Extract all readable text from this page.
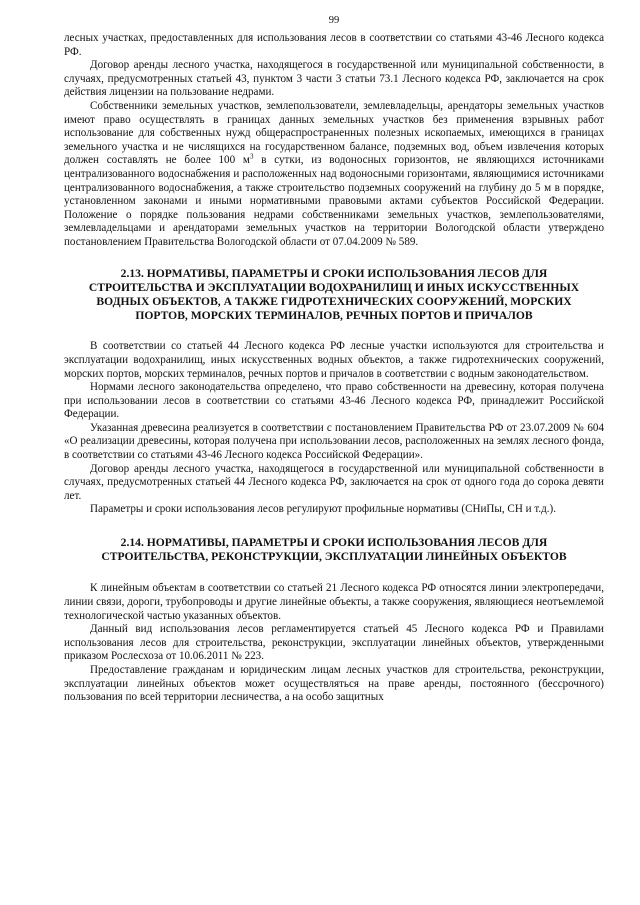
99

лесных участках, предоставленных для использования лесов в соответствии со статьями 43-46 Лесного кодекса РФ.

Договор аренды лесного участка, находящегося в государственной или муниципальной собственности, в случаях, предусмотренных статьей 43, пунктом 3 части 3 статьи 73.1 Лесного кодекса РФ, заключается на срок действия лицензии на пользование недрами.

Собственники земельных участков, землепользователи, землевладельцы, арендаторы земельных участков имеют право осуществлять в границах данных земельных участков без применения взрывных работ использование для собственных нужд общераспространенных полезных ископаемых, имеющихся в границах земельного участка и не числящихся на государственном балансе, подземных вод, объем извлечения которых должен составлять не более 100 $м^3$ в сутки, из водоносных горизонтов, не являющихся источниками централизованного водоснабжения и расположенных над водоносными горизонтами, являющимися источниками централизованного водоснабжения, а также строительство подземных сооружений на глубину до 5 м в порядке, установленном законами и иными нормативными правовыми актами субъектов Российской Федерации. Положение о порядке пользования недрами собственниками земельных участков, землепользователями, землевладельцами и арендаторами земельных участков на территории Вологодской области утверждено постановлением Правительства Вологодской области от 07.04.2009 № 589.

2.13. НОРМАТИВЫ, ПАРАМЕТРЫ И СРОКИ ИСПОЛЬЗОВАНИЯ ЛЕСОВ ДЛЯ СТРОИТЕЛЬСТВА И ЭКСПЛУАТАЦИИ ВОДОХРАНИЛИЩ И ИНЫХ ИСКУССТВЕННЫХ ВОДНЫХ ОБЪЕКТОВ, А ТАКЖЕ ГИДРОТЕХНИЧЕСКИХ СООРУЖЕНИЙ, МОРСКИХ ПОРТОВ, МОРСКИХ ТЕРМИНАЛОВ, РЕЧНЫХ ПОРТОВ И ПРИЧАЛОВ

В соответствии со статьей 44 Лесного кодекса РФ лесные участки используются для строительства и эксплуатации водохранилищ, иных искусственных водных объектов, а также гидротехнических сооружений, морских портов, морских терминалов, речных портов и причалов в соответствии с водным законодательством.

Нормами лесного законодательства определено, что право собственности на древесину, которая получена при использовании лесов в соответствии со статьями 43-46 Лесного кодекса РФ, принадлежит Российской Федерации.

Указанная древесина реализуется в соответствии с постановлением Правительства РФ от 23.07.2009 № 604 «О реализации древесины, которая получена при использовании лесов, расположенных на землях лесного фонда, в соответствии со статьями 43-46 Лесного кодекса Российской Федерации».

Договор аренды лесного участка, находящегося в государственной или муниципальной собственности в случаях, предусмотренных статьей 44 Лесного кодекса РФ, заключается на срок от одного года до сорока девяти лет.

Параметры и сроки использования лесов регулируют профильные нормативы (СНиПы, СН и т.д.).

2.14. НОРМАТИВЫ, ПАРАМЕТРЫ И СРОКИ ИСПОЛЬЗОВАНИЯ ЛЕСОВ ДЛЯ СТРОИТЕЛЬСТВА, РЕКОНСТРУКЦИИ, ЭКСПЛУАТАЦИИ ЛИНЕЙНЫХ ОБЪЕКТОВ

К линейным объектам в соответствии со статьей 21 Лесного кодекса РФ относятся линии электропередачи, линии связи, дороги, трубопроводы и другие линейные объекты, а также сооружения, являющиеся неотъемлемой технологической частью указанных объектов.

Данный вид использования лесов регламентируется статьей 45 Лесного кодекса РФ и Правилами использования лесов для строительства, реконструкции, эксплуатации линейных объектов, утвержденными приказом Рослесхоза от 10.06.2011 № 223.

Предоставление гражданам и юридическим лицам лесных участков для строительства, реконструкции, эксплуатации линейных объектов может осуществляться на праве аренды, постоянного (бессрочного) пользования по всей территории лесничества, а на особо защитных
